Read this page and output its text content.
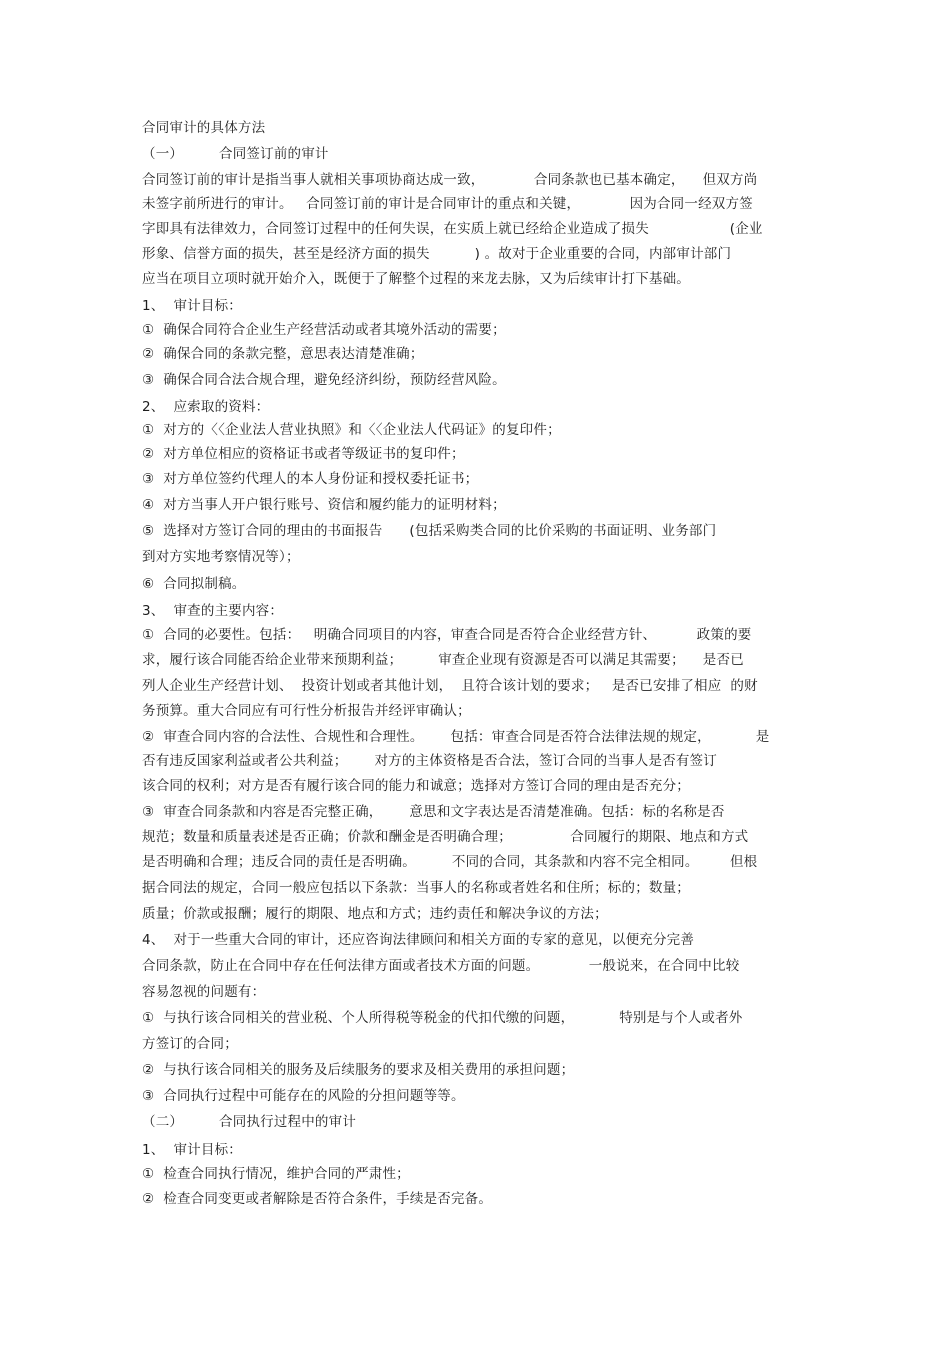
合同审计的具体方法

（一）        合同签订前的审计

合同签订前的审计是指当事人就相关事项协商达成一致，           合同条款也已基本确定，    但双方尚

未签字前所进行的审计。   合同签订前的审计是合同审计的重点和关键，           因为合同一经双方签

字即具有法律效力，合同签订过程中的任何失误，在实质上就已经给企业造成了损失                  (企业

形象、信誉方面的损失，甚至是经济方面的损失          ) 。故对于企业重要的合同，内部审计部门

应当在项目立项时就开始介入，既便于了解整个过程的来龙去脉，又为后续审计打下基础。

1、  审计目标：

①  确保合同符合企业生产经营活动或者其境外活动的需要；

②  确保合同的条款完整，意思表达清楚准确；

③  确保合同合法合规合理，避免经济纠纷，预防经营风险。

2、  应索取的资料：

①  对方的〈〈企业法人营业执照》和〈〈企业法人代码证》的复印件；

②  对方单位相应的资格证书或者等级证书的复印件；

③  对方单位签约代理人的本人身份证和授权委托证书；

④  对方当事人开户银行账号、资信和履约能力的证明材料；

⑤  选择对方签订合同的理由的书面报告      (包括采购类合同的比价采购的书面证明、业务部门

到对方实地考察情况等）；

⑥  合同拟制稿。

3、  审查的主要内容：

①  合同的必要性。包括：   明确合同项目的内容，审查合同是否符合企业经营方针、         政策的要

求，履行该合同能否给企业带来预期利益；        审查企业现有资源是否可以满足其需要；    是否已

列人企业生产经营计划、  投资计划或者其他计划，  且符合该计划的要求；   是否已安排了相应  的财

务预算。重大合同应有可行性分析报告并经评审确认；

②  审查合同内容的合法性、合规性和合理性。      包括：审查合同是否符合法律法规的规定，          是

否有违反国家利益或者公共利益；      对方的主体资格是否合法，签订合同的当事人是否有签订

该合同的权利；对方是否有履行该合同的能力和诚意；选择对方签订合同的理由是否充分；

③  审查合同条款和内容是否完整正确，      意思和文字表达是否清楚准确。包括：标的名称是否

规范；数量和质量表述是否正确；价款和酬金是否明确合理；             合同履行的期限、地点和方式

是否明确和合理；违反合同的责任是否明确。        不同的合同，其条款和内容不完全相同。       但根

据合同法的规定，合同一般应包括以下条款：当事人的名称或者姓名和住所；标的；数量；

质量；价款或报酬；履行的期限、地点和方式；违约责任和解决争议的方法；

4、  对于一些重大合同的审计，还应咨询法律顾问和相关方面的专家的意见，以便充分完善

合同条款，防止在合同中存在任何法律方面或者技术方面的问题。           一般说来，在合同中比较

容易忽视的问题有：

①  与执行该合同相关的营业税、个人所得税等税金的代扣代缴的问题，          特别是与个人或者外

方签订的合同；

②  与执行该合同相关的服务及后续服务的要求及相关费用的承担问题；

③  合同执行过程中可能存在的风险的分担问题等等。

（二）        合同执行过程中的审计

1、  审计目标：

①  检查合同执行情况，维护合同的严肃性；

②  检查合同变更或者解除是否符合条件，手续是否完备。
